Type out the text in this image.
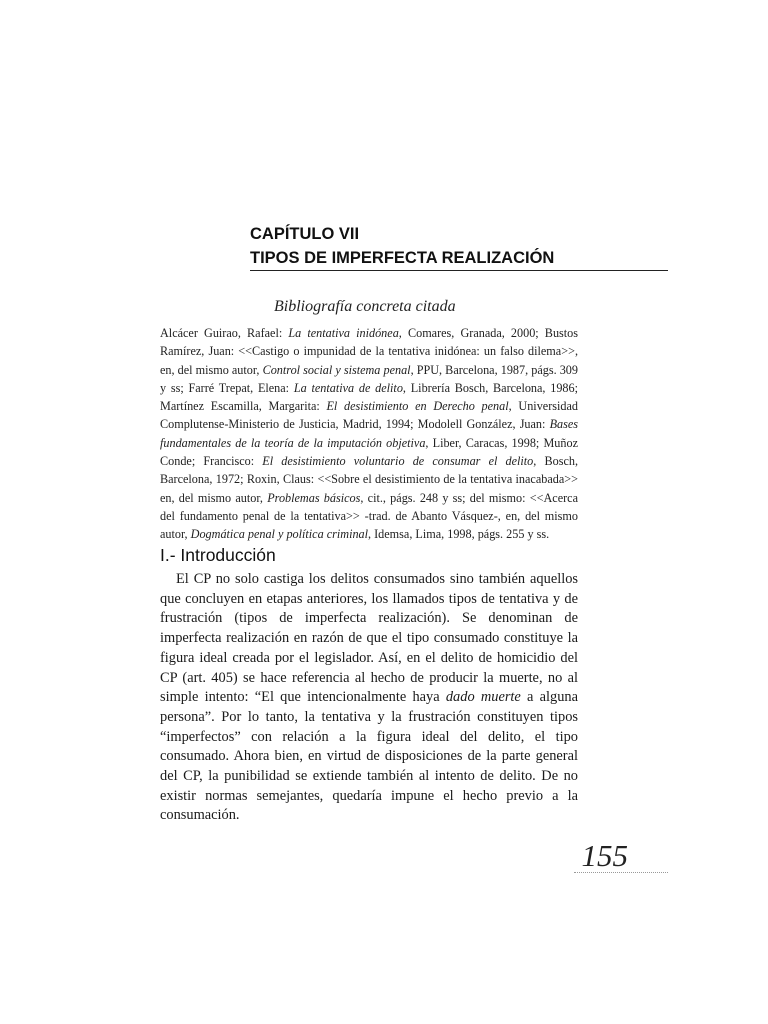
CAPÍTULO VII
TIPOS DE IMPERFECTA REALIZACIÓN
Bibliografía concreta citada

Alcácer Guirao, Rafael: La tentativa inidónea, Comares, Granada, 2000; Bustos Ramírez, Juan: <<Castigo o impunidad de la tentativa inidónea: un falso dilema>>, en, del mismo autor, Control social y sistema penal, PPU, Barcelona, 1987, págs. 309 y ss; Farré Trepat, Elena: La tentativa de delito, Librería Bosch, Barcelona, 1986; Martínez Escamilla, Margarita: El desistimiento en Derecho penal, Universidad Complutense-Ministerio de Justicia, Madrid, 1994; Modolell González, Juan: Bases fundamentales de la teoría de la imputación objetiva, Liber, Caracas, 1998; Muñoz Conde; Francisco: El desistimiento voluntario de consumar el delito, Bosch, Barcelona, 1972; Roxin, Claus: <<Sobre el desistimiento de la tentativa inacabada>> en, del mismo autor, Problemas básicos, cit., págs. 248 y ss; del mismo: <<Acerca del fundamento penal de la tentativa>> -trad. de Abanto Vásquez-, en, del mismo autor, Dogmática penal y política criminal, Idemsa, Lima, 1998, págs. 255 y ss.

I.- Introducción

El CP no solo castiga los delitos consumados sino también aquellos que concluyen en etapas anteriores, los llamados tipos de tentativa y de frustración (tipos de imperfecta realización). Se denominan de imperfecta realización en razón de que el tipo consumado constituye la figura ideal creada por el legislador. Así, en el delito de homicidio del CP (art. 405) se hace referencia al hecho de producir la muerte, no al simple intento: “El que intencionalmente haya dado muerte a alguna persona”. Por lo tanto, la tentativa y la frustración constituyen tipos “imperfectos” con relación a la figura ideal del delito, el tipo consumado. Ahora bien, en virtud de disposiciones de la parte general del CP, la punibilidad se extiende también al intento de delito. De no existir normas semejantes, quedaría impune el hecho previo a la consumación.

155
